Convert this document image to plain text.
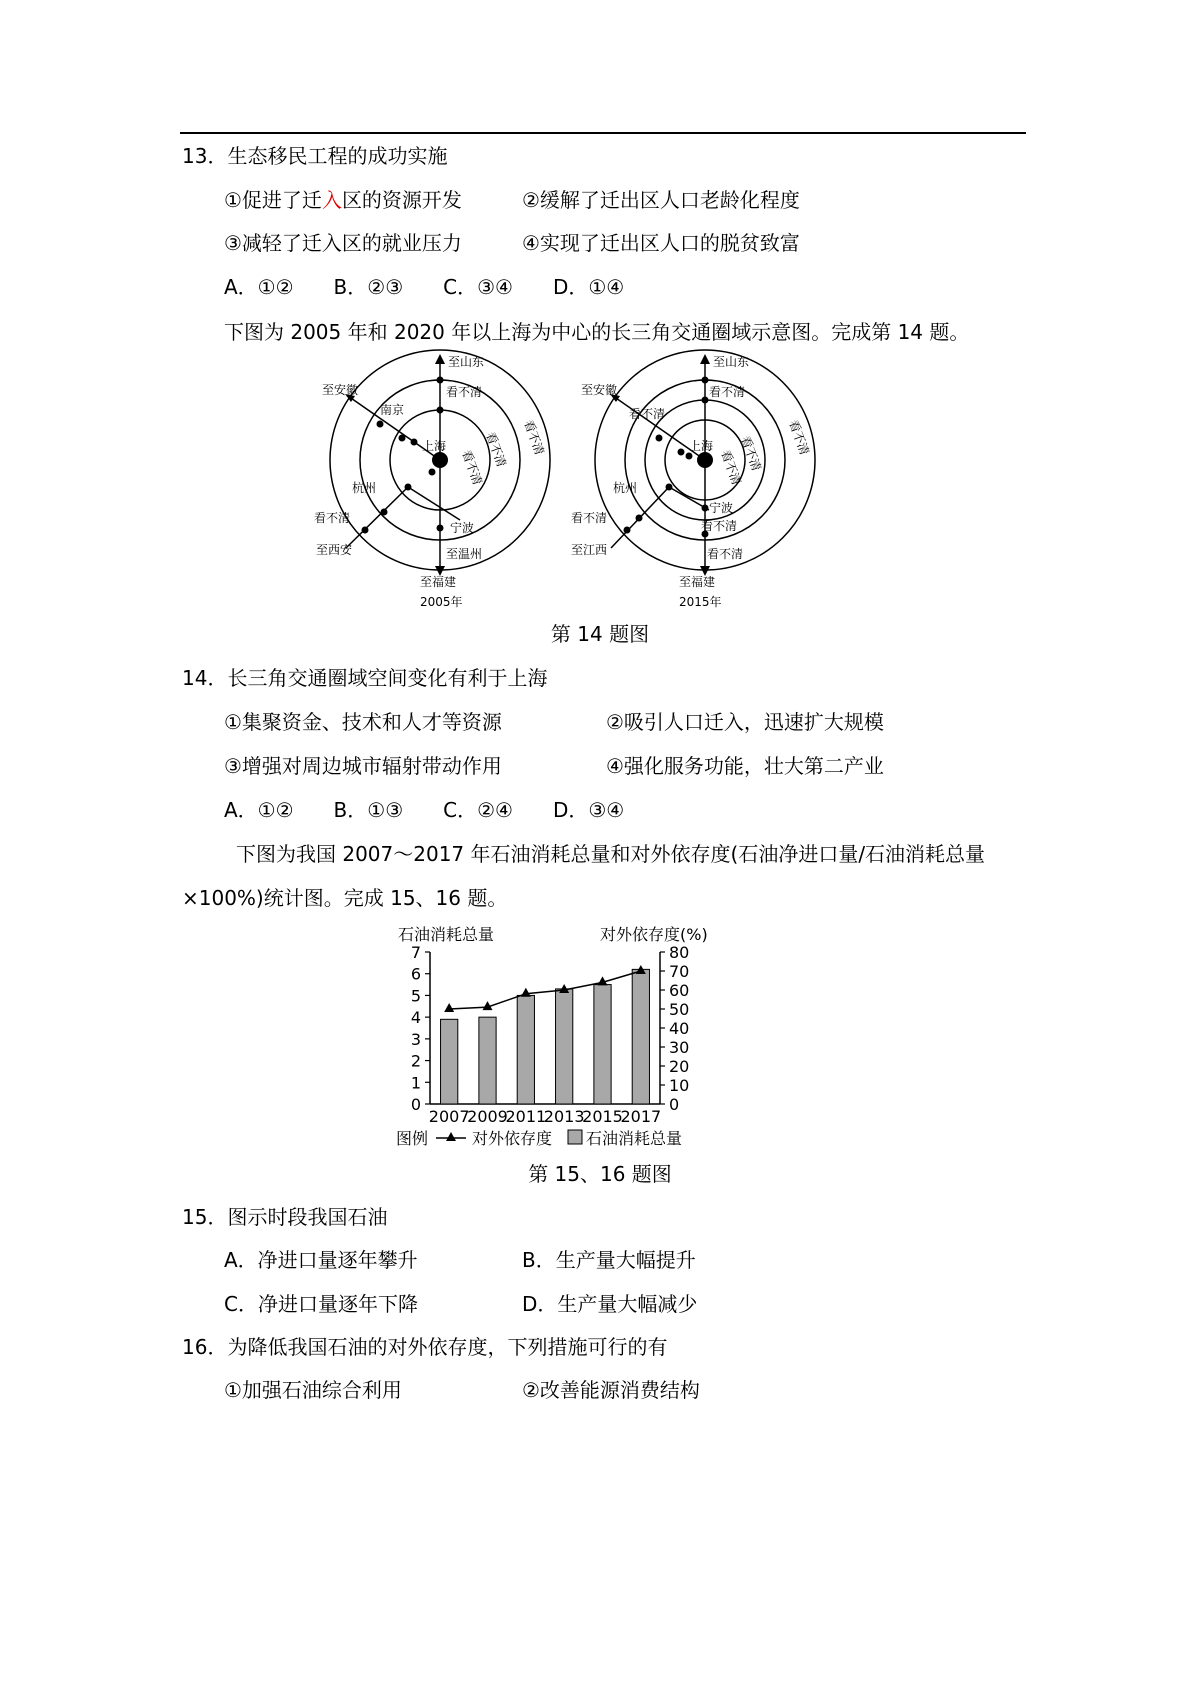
13．生态移民工程的成功实施
①促进了迁入区的资源开发	②缓解了迁出区人口老龄化程度
③减轻了迁入区的就业压力	④实现了迁出区人口的脱贫致富
A．①② B．②③ C．③④ D．①④
下图为 2005 年和 2020 年以上海为中心的长三角交通圈域示意图。完成第 14 题。
至山东
看不清
至安徽
南京
上海
看不清
看不清 看不清
杭州
看不清
至西安
宁波
至温州
至福建
2005年
至山东
看不清
至安徽
看不清
上海
看不清
看不清 看不清
杭州
宁波
看不清
看不清
至江西	看不清
至福建
2015年
第 14 题图
14．长三角交通圈域空间变化有利于上海
①集聚资金、技术和人才等资源	②吸引人口迁入，迅速扩大规模
③增强对周边城市辐射带动作用	④强化服务功能，壮大第二产业
A．①② B．①③ C．②④ D．③④
下图为我国 2007～2017 年石油消耗总量和对外依存度(石油净进口量/石油消耗总量
×100%)统计图。完成 15、16 题。
石油消耗总量	对外依存度(%)
0
1
2
3
4
5
6
7
0
10
20
30
40
50
60
70
80
2007
2009
2011
2013
2015
2017
图例	对外依存度 石油消耗总量
第 15、16 题图
15．图示时段我国石油
A．净进口量逐年攀升	B．生产量大幅提升
C．净进口量逐年下降	D．生产量大幅减少
16．为降低我国石油的对外依存度，下列措施可行的有
①加强石油综合利用	②改善能源消费结构
